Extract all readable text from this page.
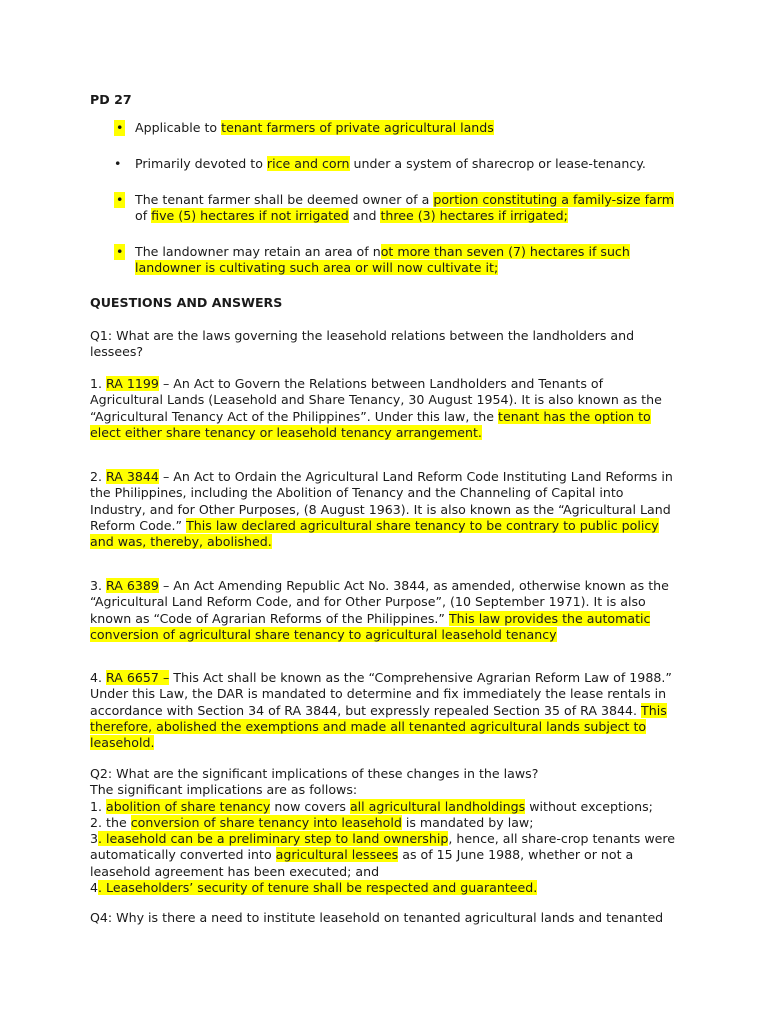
PD 27

• Applicable to tenant farmers of private agricultural lands
• Primarily devoted to rice and corn under a system of sharecrop or lease-tenancy.
• The tenant farmer shall be deemed owner of a portion constituting a family-size farm of five (5) hectares if not irrigated and three (3) hectares if irrigated;
• The landowner may retain an area of not more than seven (7) hectares if such landowner is cultivating such area or will now cultivate it;

QUESTIONS AND ANSWERS

Q1: What are the laws governing the leasehold relations between the landholders and lessees?

1. RA 1199 – An Act to Govern the Relations between Landholders and Tenants of Agricultural Lands (Leasehold and Share Tenancy, 30 August 1954). It is also known as the “Agricultural Tenancy Act of the Philippines”. Under this law, the tenant has the option to elect either share tenancy or leasehold tenancy arrangement.

2. RA 3844 – An Act to Ordain the Agricultural Land Reform Code Instituting Land Reforms in the Philippines, including the Abolition of Tenancy and the Channeling of Capital into Industry, and for Other Purposes, (8 August 1963). It is also known as the “Agricultural Land Reform Code.” This law declared agricultural share tenancy to be contrary to public policy and was, thereby, abolished.

3. RA 6389 – An Act Amending Republic Act No. 3844, as amended, otherwise known as the “Agricultural Land Reform Code, and for Other Purpose”, (10 September 1971). It is also known as “Code of Agrarian Reforms of the Philippines.” This law provides the automatic conversion of agricultural share tenancy to agricultural leasehold tenancy

4. RA 6657 – This Act shall be known as the “Comprehensive Agrarian Reform Law of 1988.” Under this Law, the DAR is mandated to determine and fix immediately the lease rentals in accordance with Section 34 of RA 3844, but expressly repealed Section 35 of RA 3844. This therefore, abolished the exemptions and made all tenanted agricultural lands subject to leasehold.

Q2: What are the significant implications of these changes in the laws?
The significant implications are as follows:
1. abolition of share tenancy now covers all agricultural landholdings without exceptions;
2. the conversion of share tenancy into leasehold is mandated by law;
3. leasehold can be a preliminary step to land ownership, hence, all share-crop tenants were automatically converted into agricultural lessees as of 15 June 1988, whether or not a leasehold agreement has been executed; and
4. Leaseholders’ security of tenure shall be respected and guaranteed.

Q4: Why is there a need to institute leasehold on tenanted agricultural lands and tenanted
